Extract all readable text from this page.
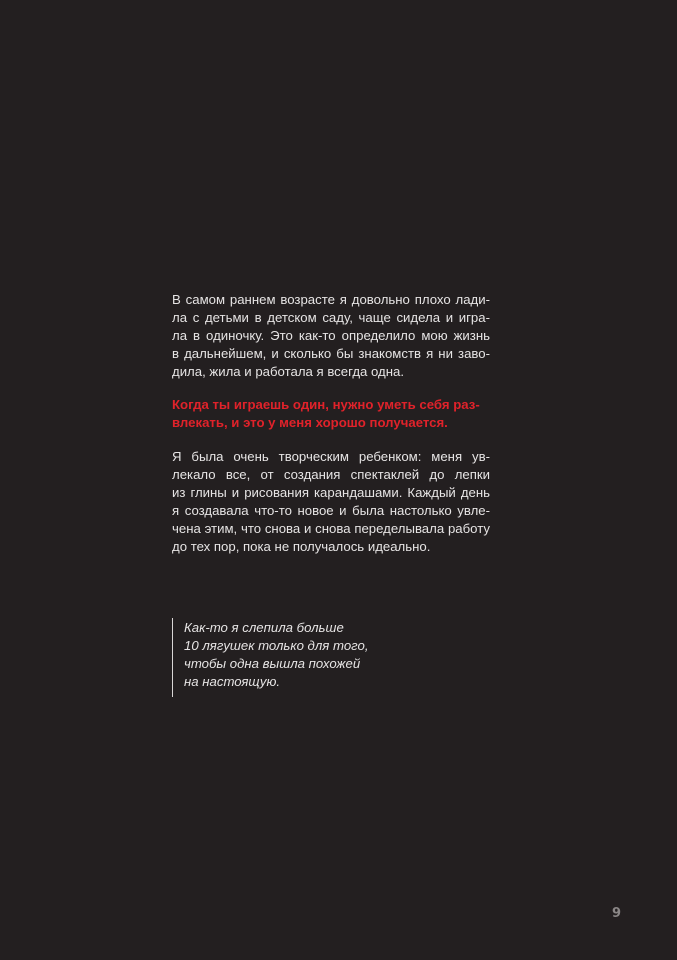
В самом раннем возрасте я довольно плохо лади-
ла с детьми в детском саду, чаще сидела и игра-
ла в одиночку. Это как-то определило мою жизнь
в дальнейшем, и сколько бы знакомств я ни заво-
дила, жила и работала я всегда одна.
Когда ты играешь один, нужно уметь себя раз-
влекать, и это у меня хорошо получается.
Я была очень творческим ребенком: меня ув-
лекало все, от создания спектаклей до лепки
из глины и рисования карандашами. Каждый день
я создавала что-то новое и была настолько увле-
чена этим, что снова и снова переделывала работу
до тех пор, пока не получалось идеально.
Как-то я слепила больше
10 лягушек только для того,
чтобы одна вышла похожей
на настоящую.
9
